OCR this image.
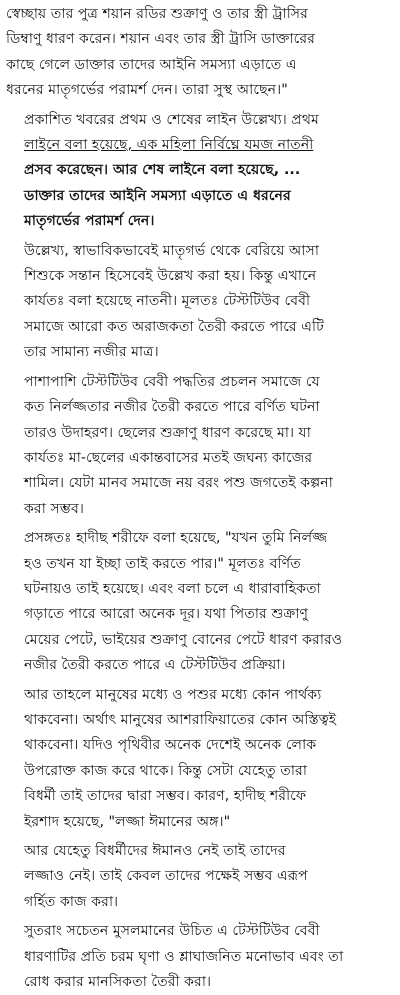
স্বেচ্ছায় তার পুত্র শয়ান রডির শুক্রাণু ও তার স্ত্রী ট্রাসির
ডিম্বাণু ধারণ করেন। শয়ান এবং তার স্ত্রী ট্রাসি ডাক্তারের
কাছে গেলে ডাক্তার তাদের আইনি সমস্যা এড়াতে এ
ধরনের মাতৃগর্ভের পরামর্শ দেন। তারা সুস্থ আছেন।"

প্রকাশিত খবরের প্রথম ও শেষের লাইন উল্লেখ্য। প্রথম
লাইনে বলা হয়েছে, এক মহিলা নির্বিঘ্নে যমজ নাতনী
প্রসব করেছেন। আর শেষ লাইনে বলা হয়েছে, ...
ডাক্তার তাদের আইনি সমস্যা এড়াতে এ ধরনের
মাতৃগর্ভের পরামর্শ দেন।

উল্লেখ্য, স্বাভাবিকভাবেই মাতৃগর্ভ থেকে বেরিয়ে আসা
শিশুকে সন্তান হিসেবেই উল্লেখ করা হয়। কিন্তু এখানে
কার্যতঃ বলা হয়েছে নাতনী। মূলতঃ টেস্টটিউব বেবী
সমাজে আরো কত অরাজকতা তৈরী করতে পারে এটি
তার সামান্য নজীর মাত্র।

পাশাপাশি টেস্টটিউব বেবী পদ্ধতির প্রচলন সমাজে যে
কত নির্লজ্জতার নজীর তৈরী করতে পারে বর্ণিত ঘটনা
তারও উদাহরণ। ছেলের শুক্রাণু ধারণ করেছে মা। যা
কার্যতঃ মা-ছেলের একান্তবাসের মতই জঘন্য কাজের
শামিল। যেটা মানব সমাজে নয় বরং পশু জগতেই কল্পনা
করা সম্ভব।

প্রসঙ্গতঃ হাদীছ শরীফে বলা হয়েছে, "যখন তুমি নির্লজ্জ
হও তখন যা ইচ্ছা তাই করতে পার।" মূলতঃ বর্ণিত
ঘটনায়ও তাই হয়েছে। এবং বলা চলে এ ধারাবাহিকতা
গড়াতে পারে আরো অনেক দূর। যথা পিতার শুক্রাণু
মেয়ের পেটে, ভাইয়ের শুক্রাণু বোনের পেটে ধারণ করারও
নজীর তৈরী করতে পারে এ টেস্টটিউব প্রক্রিয়া।

আর তাহলে মানুষের মধ্যে ও পশুর মধ্যে কোন পার্থক্য
থাকবেনা। অর্থাৎ মানুষের আশরাফিয়াতের কোন অস্তিত্বই
থাকবেনা। যদিও পৃথিবীর অনেক দেশেই অনেক লোক
উপরোক্ত কাজ করে থাকে। কিন্তু সেটা যেহেতু তারা
বিধর্মী তাই তাদের দ্বারা সম্ভব। কারণ, হাদীছ শরীফে
ইরশাদ হয়েছে, "লজ্জা ঈমানের অঙ্গ।"

আর যেহেতু বিধর্মীদের ঈমানও নেই তাই তাদের
লজ্জাও নেই। তাই কেবল তাদের পক্ষেই সম্ভব এরূপ
গর্হিত কাজ করা।

সুতরাং সচেতন মুসলমানের উচিত এ টেস্টটিউব বেবী
ধারণাটির প্রতি চরম ঘৃণা ও শ্লাঘাজনিত মনোভাব এবং তা
রোধ করার মানসিকতা তৈরী করা।
